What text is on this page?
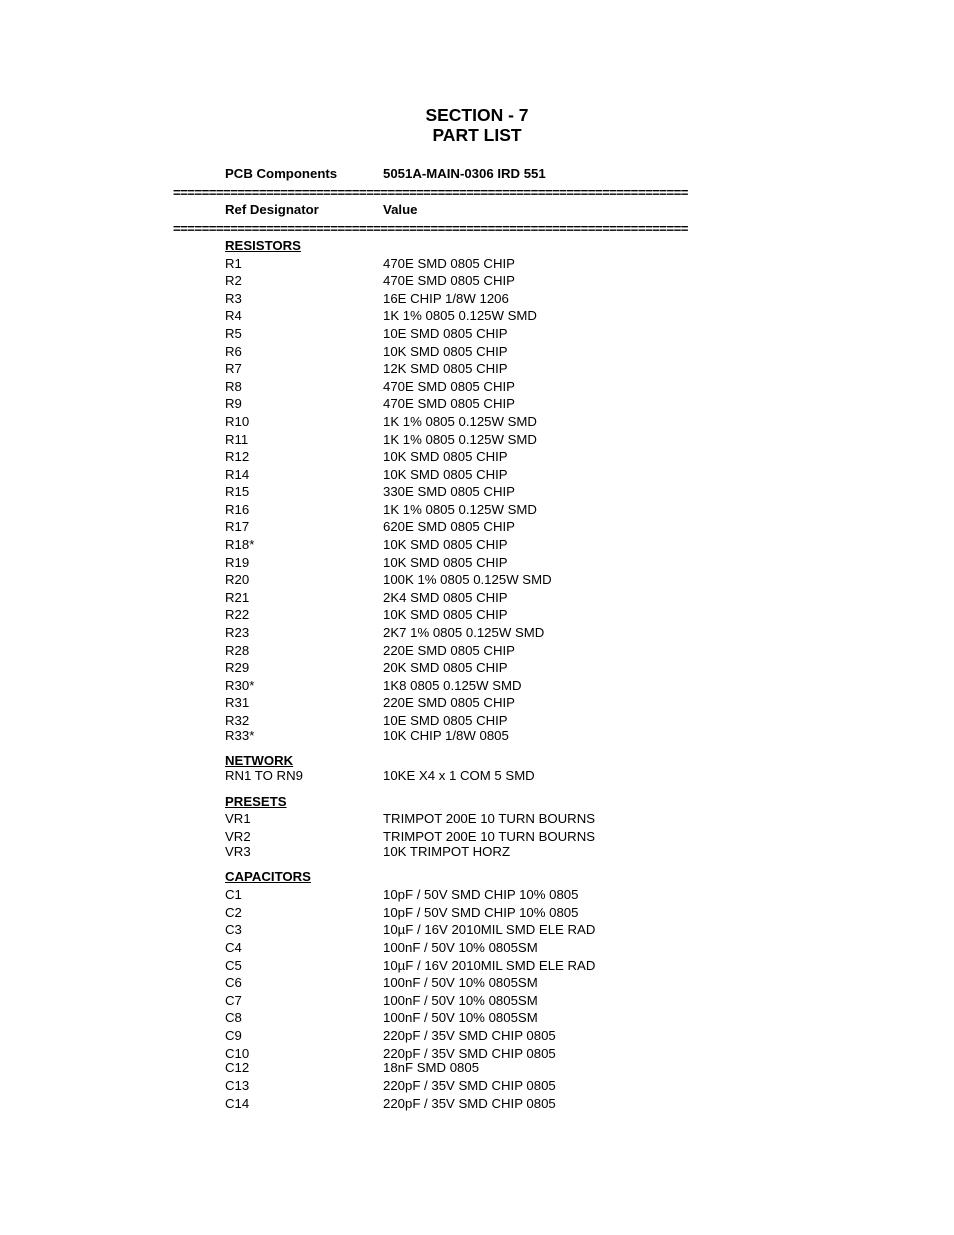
SECTION - 7
PART LIST
PCB Components	5051A-MAIN-0306 IRD 551
========================================================================
Ref Designator	Value
========================================================================
RESISTORS
R1	470E SMD 0805 CHIP
R2	470E SMD 0805 CHIP
R3	16E CHIP 1/8W 1206
R4	1K 1% 0805 0.125W SMD
R5	10E SMD 0805 CHIP
R6	10K SMD 0805 CHIP
R7	12K SMD 0805 CHIP
R8	470E SMD 0805 CHIP
R9	470E SMD 0805 CHIP
R10	1K 1% 0805 0.125W SMD
R11	1K 1% 0805 0.125W SMD
R12	10K SMD 0805 CHIP
R14	10K SMD 0805 CHIP
R15	330E SMD 0805 CHIP
R16	1K 1% 0805 0.125W SMD
R17	620E SMD 0805 CHIP
R18*	10K SMD 0805 CHIP
R19	10K SMD 0805 CHIP
R20	100K 1% 0805 0.125W SMD
R21	2K4 SMD 0805 CHIP
R22	10K SMD 0805 CHIP
R23	2K7 1% 0805 0.125W SMD
R28	220E SMD 0805 CHIP
R29	20K SMD 0805 CHIP
R30*	1K8 0805 0.125W SMD
R31	220E SMD 0805 CHIP
R32	10E SMD 0805 CHIP
R33*	10K CHIP 1/8W 0805
NETWORK
RN1 TO RN9	10KE X4 x 1 COM 5 SMD
PRESETS
VR1	TRIMPOT 200E 10 TURN BOURNS
VR2	TRIMPOT 200E 10 TURN BOURNS
VR3	10K TRIMPOT HORZ
CAPACITORS
C1	10pF / 50V SMD CHIP 10% 0805
C2	10pF / 50V SMD CHIP 10% 0805
C3	10µF / 16V 2010MIL SMD ELE RAD
C4	100nF / 50V 10% 0805SM
C5	10µF / 16V 2010MIL SMD ELE RAD
C6	100nF / 50V 10% 0805SM
C7	100nF / 50V 10% 0805SM
C8	100nF / 50V 10% 0805SM
C9	220pF / 35V SMD CHIP 0805
C10	220pF / 35V SMD CHIP 0805
C12	18nF SMD 0805
C13	220pF / 35V SMD CHIP 0805
C14	220pF / 35V SMD CHIP 0805
